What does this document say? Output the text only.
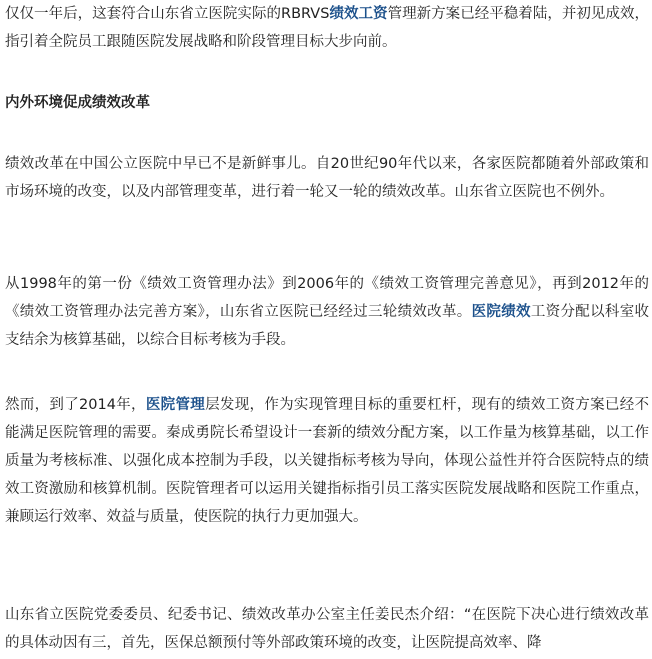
仅仅一年后，这套符合山东省立医院实际的RBRVS绩效工资管理新方案已经平稳着陆，并初见成效，指引着全院员工跟随医院发展战略和阶段管理目标大步向前。

内外环境促成绩效改革

绩效改革在中国公立医院中早已不是新鲜事儿。自20世纪90年代以来，各家医院都随着外部政策和市场环境的改变，以及内部管理变革，进行着一轮又一轮的绩效改革。山东省立医院也不例外。

从1998年的第一份《绩效工资管理办法》到2006年的《绩效工资管理完善意见》，再到2012年的《绩效工资管理办法完善方案》，山东省立医院已经经过三轮绩效改革。医院绩效工资分配以科室收支结余为核算基础，以综合目标考核为手段。

然而，到了2014年，医院管理层发现，作为实现管理目标的重要杠杆，现有的绩效工资方案已经不能满足医院管理的需要。秦成勇院长希望设计一套新的绩效分配方案，以工作量为核算基础，以工作质量为考核标准、以强化成本控制为手段，以关键指标考核为导向，体现公益性并符合医院特点的绩效工资激励和核算机制。医院管理者可以运用关键指标指引员工落实医院发展战略和医院工作重点，兼顾运行效率、效益与质量，使医院的执行力更加强大。

山东省立医院党委委员、纪委书记、绩效改革办公室主任姜民杰介绍：“在医院下决心进行绩效改革的具体动因有三，首先，医保总额预付等外部政策环境的改变，让医院提高效率、降
